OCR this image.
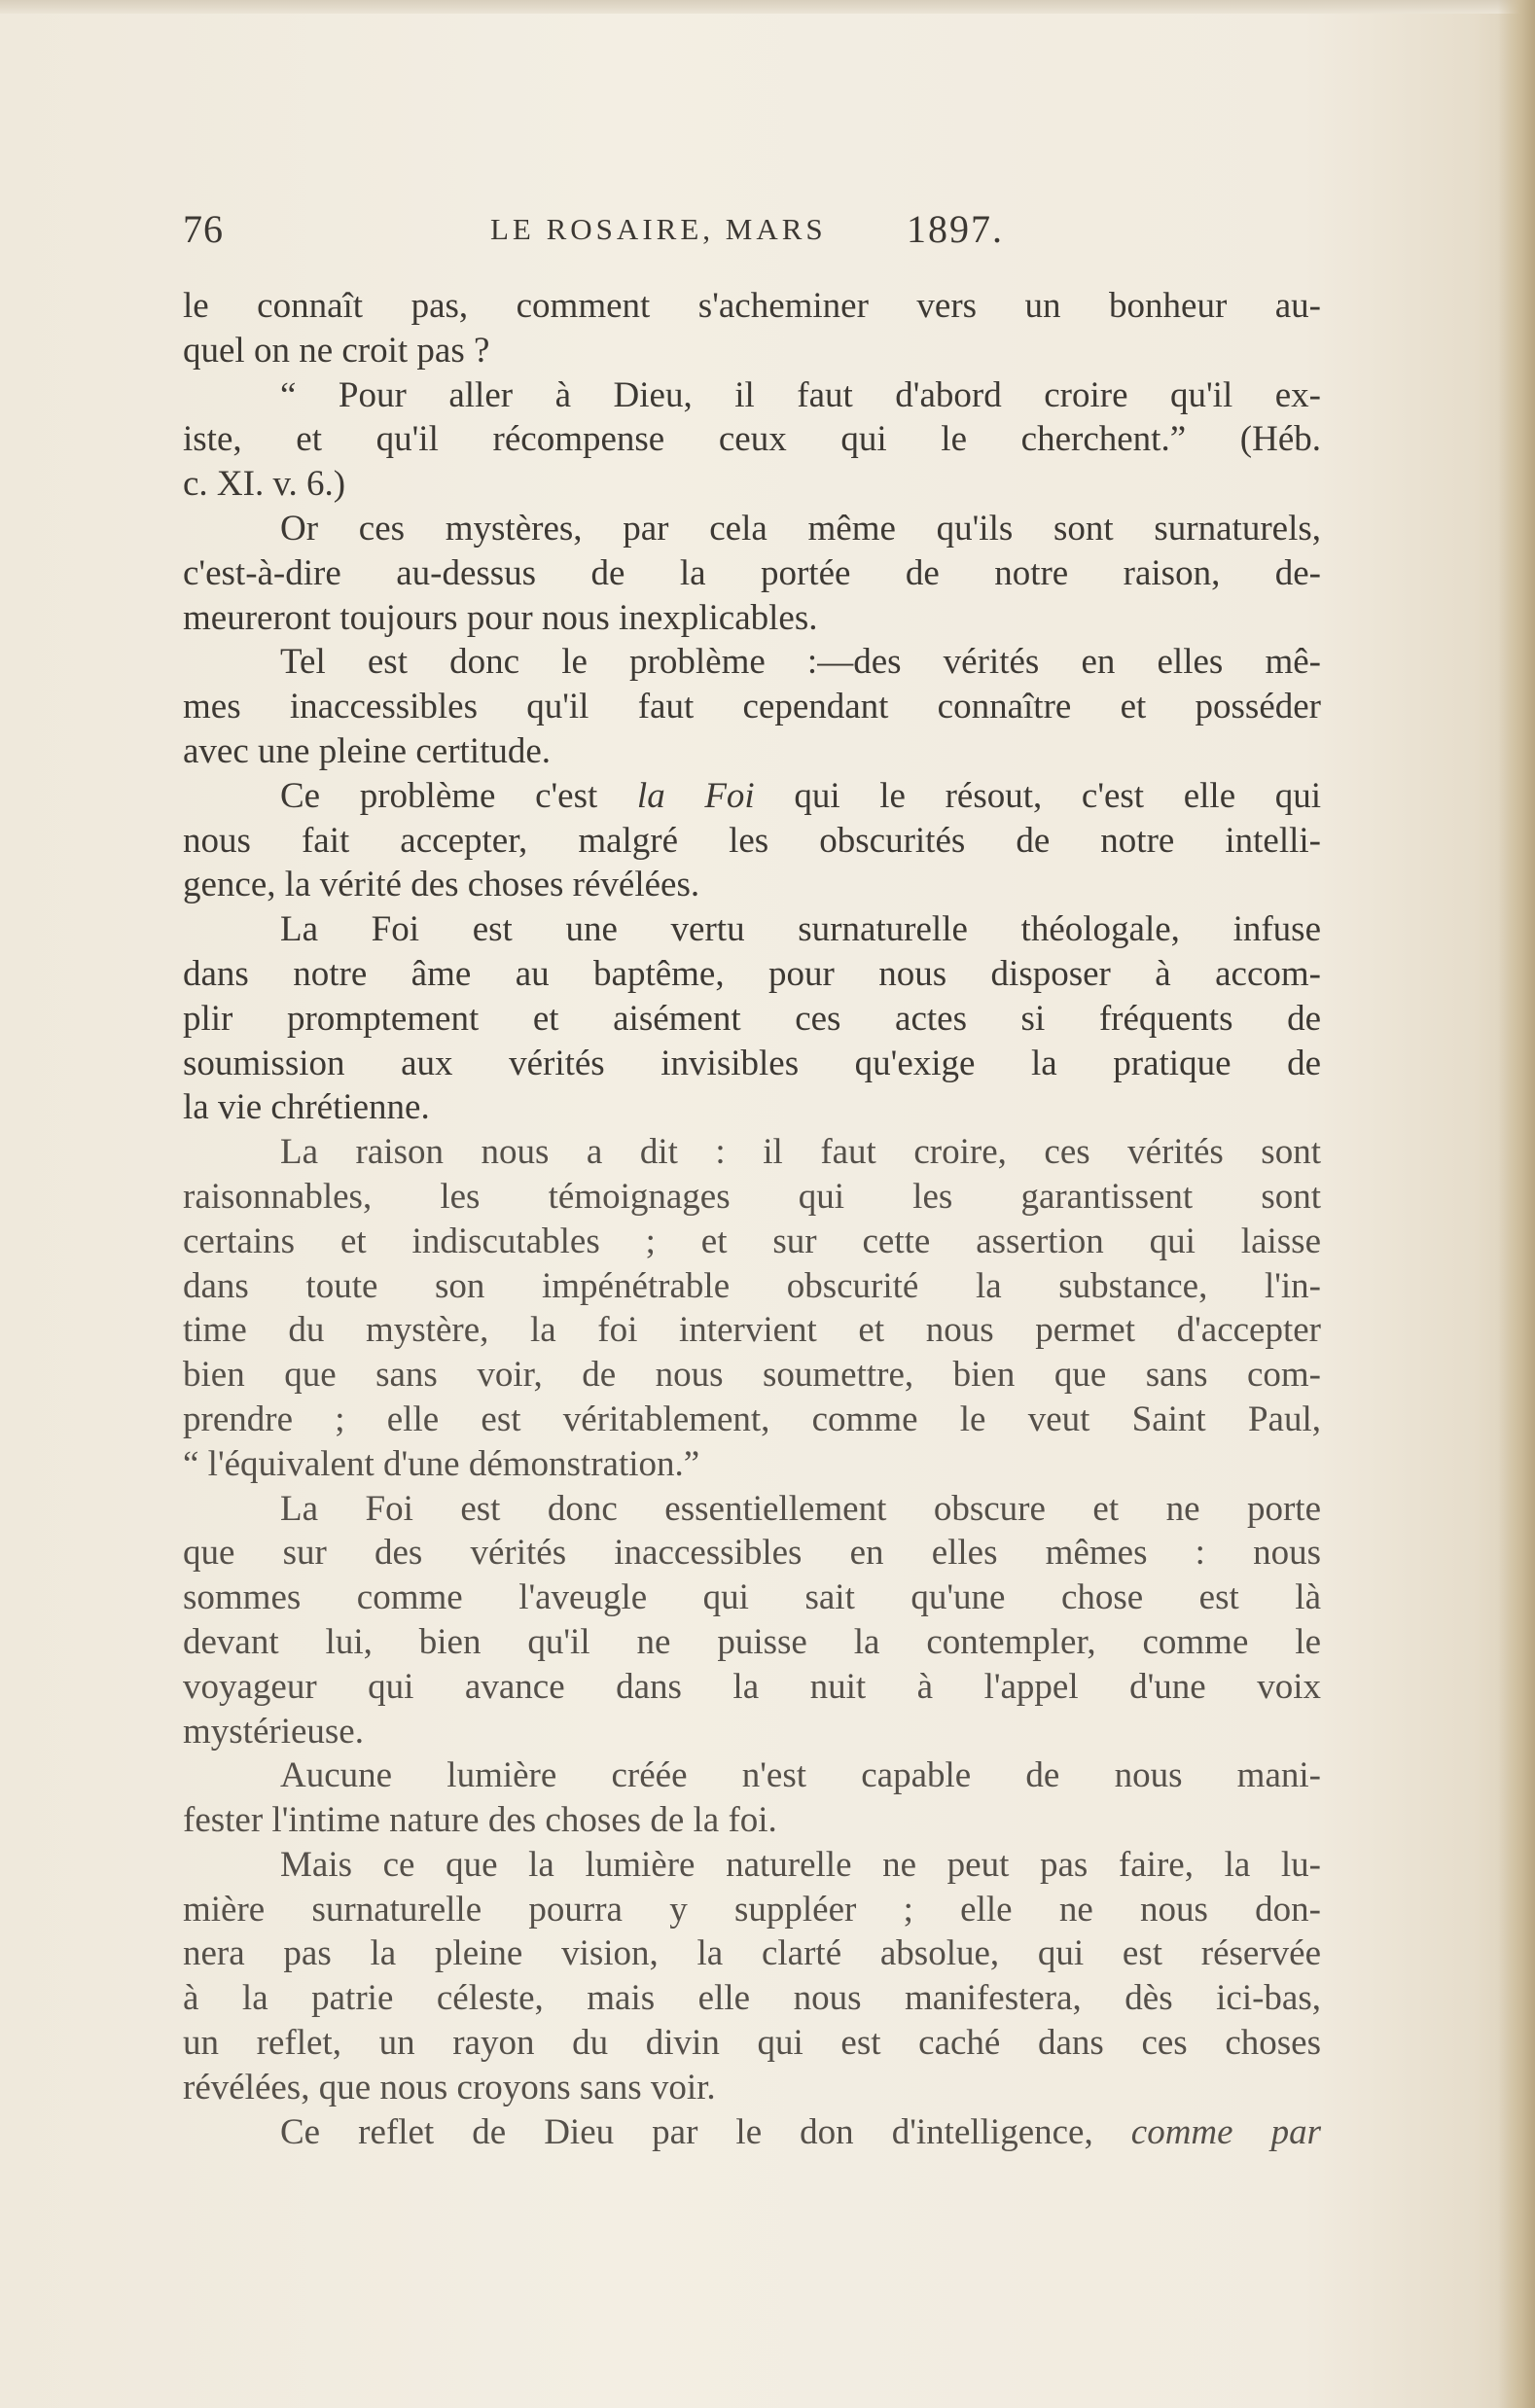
76	LE ROSAIRE, MARS 1897.
le connaît pas, comment s'acheminer vers un bonheur au-
quel on ne croit pas ?
“ Pour aller à Dieu, il faut d'abord croire qu'il ex-
iste, et qu'il récompense ceux qui le cherchent.” (Héb.
c. XI. v. 6.)
Or ces mystères, par cela même qu'ils sont surnaturels,
c'est-à-dire au-dessus de la portée de notre raison, de-
meureront toujours pour nous inexplicables.
Tel est donc le problème :—des vérités en elles mê-
mes inaccessibles qu'il faut cependant connaître et posséder
avec une pleine certitude.
Ce problème c'est la Foi qui le résout, c'est elle qui
nous fait accepter, malgré les obscurités de notre intelli-
gence, la vérité des choses révélées.
La Foi est une vertu surnaturelle théologale, infuse
dans notre âme au baptême, pour nous disposer à accom-
plir promptement et aisément ces actes si fréquents de
soumission aux vérités invisibles qu'exige la pratique de
la vie chrétienne.
La raison nous a dit : il faut croire, ces vérités sont
raisonnables, les témoignages qui les garantissent sont
certains et indiscutables ; et sur cette assertion qui laisse
dans toute son impénétrable obscurité la substance, l'in-
time du mystère, la foi intervient et nous permet d'accepter
bien que sans voir, de nous soumettre, bien que sans com-
prendre ; elle est véritablement, comme le veut Saint Paul,
“ l'équivalent d'une démonstration.”
La Foi est donc essentiellement obscure et ne porte
que sur des vérités inaccessibles en elles mêmes : nous
sommes comme l'aveugle qui sait qu'une chose est là
devant lui, bien qu'il ne puisse la contempler, comme le
voyageur qui avance dans la nuit à l'appel d'une voix
mystérieuse.
Aucune lumière créée n'est capable de nous mani-
fester l'intime nature des choses de la foi.
Mais ce que la lumière naturelle ne peut pas faire, la lu-
mière surnaturelle pourra y suppléer ; elle ne nous don-
nera pas la pleine vision, la clarté absolue, qui est réservée
à la patrie céleste, mais elle nous manifestera, dès ici-bas,
un reflet, un rayon du divin qui est caché dans ces choses
révélées, que nous croyons sans voir.
Ce reflet de Dieu par le don d'intelligence, comme par
